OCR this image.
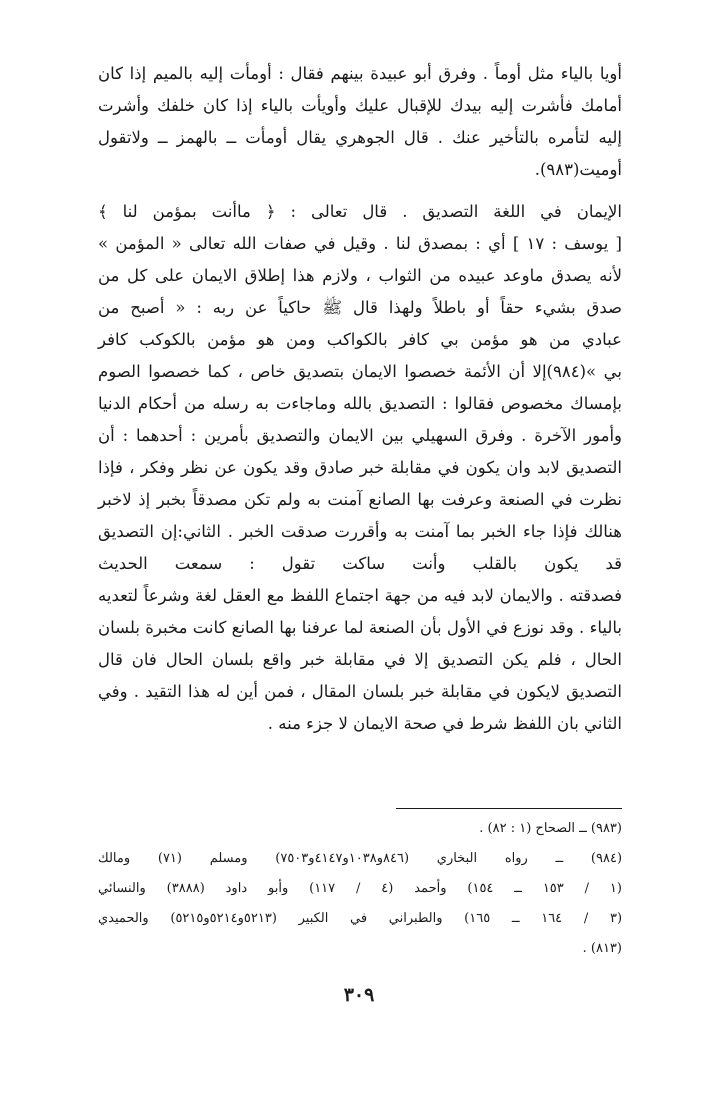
أويا بالياء مثل أوماً . وفرق أبو عبيدة بينهم فقال : أومأت إليه بالميم إذا كان
أمامك فأشرت إليه بيدك للإقبال عليك وأويأت بالياء إذا كان خلفك وأشرت
إليه لتأمره بالتأخير عنك . قال الجوهري يقال أومأت ــ بالهمز ــ ولاتقول
أوميت(٩٨٣).
الإيمان في اللغة التصديق . قال تعالى : ﴿ ماأنت بمؤمن لنا ﴾
[ يوسف : ١٧ ] أي : بمصدق لنا . وقيل في صفات الله تعالى « المؤمن »
لأنه يصدق ماوعد عبيده من الثواب ، ولازم هذا إطلاق الايمان على كل من
صدق بشيء حقاً أو باطلاً ولهذا قال ﷺ حاكياً عن ربه : « أصبح من
عبادي من هو مؤمن بي كافر بالكواكب ومن هو مؤمن بالكوكب كافر
بي »(٩٨٤)إلا أن الأئمة خصصوا الايمان بتصديق خاص ، كما خصصوا الصوم
بإمساك مخصوص فقالوا : التصديق بالله وماجاءت به رسله من أحكام الدنيا
وأمور الآخرة . وفرق السهيلي بين الايمان والتصديق بأمرين : أحدهما : أن
التصديق لابد وان يكون في مقابلة خبر صادق وقد يكون عن نظر وفكر ، فإذا
نظرت في الصنعة وعرفت بها الصانع آمنت به ولم تكن مصدقاً بخبر إذ لاخبر
هنالك فإذا جاء الخبر بما آمنت به وأقررت صدقت الخبر . الثاني:إن التصديق
قد يكون بالقلب وأنت ساكت تقول : سمعت الحديث
فصدقته . والايمان لابد فيه من جهة اجتماع اللفظ مع العقل لغة وشرعاً لتعديه
بالياء . وقد نوزع في الأول بأن الصنعة لما عرفنا بها الصانع كانت مخبرة بلسان
الحال ، فلم يكن التصديق إلا في مقابلة خبر واقع بلسان الحال فان قال
التصديق لايكون في مقابلة خبر بلسان المقال ، فمن أين له هذا التقيد . وفي
الثاني بان اللفظ شرط في صحة الايمان لا جزء منه .
(٩٨٣) ــ الصحاح (١ : ٨٢) .
(٩٨٤) ــ رواه البخاري (٨٤٦و١٠٣٨و٤١٤٧و٧٥٠٣) ومسلم (٧١) ومالك
(١ / ١٥٣ ــ ١٥٤) وأحمد (٤ / ١١٧) وأبو داود (٣٨٨٨) والنسائي
(٣ / ١٦٤ ــ ١٦٥) والطبراني في الكبير (٥٢١٣و٥٢١٤و٥٢١٥) والحميدي
(٨١٣) .
٣٠٩
